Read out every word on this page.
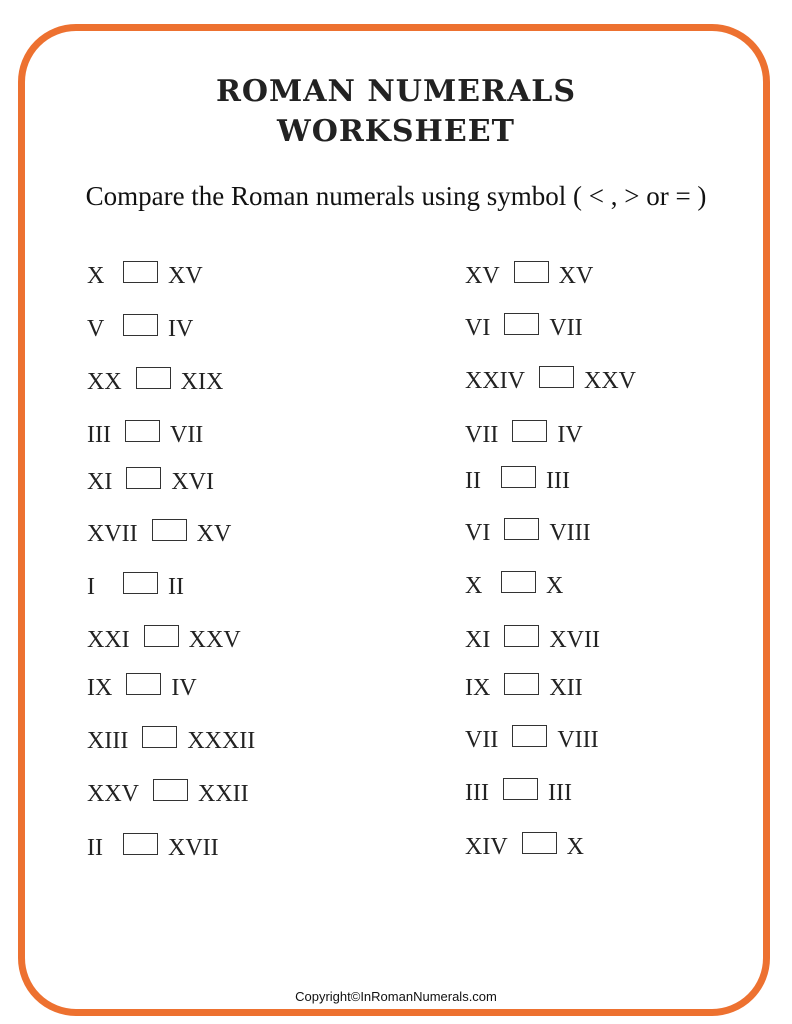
ROMAN NUMERALS
WORKSHEET
Compare the Roman numerals using symbol ( < , > or = )
X	XV
V	IV
XX XIX
III VII
XI XVI
XVII XV
I	II
XXI XXV
IX IV
XIII XXXII
XXV XXII
II	XVII
XV XV
VI VII
XXIV XXV
VII IV
II	III
VI VIII
X	X
XI XVII
IX XII
VII VIII
III III
XIV X
Copyright©InRomanNumerals.com
